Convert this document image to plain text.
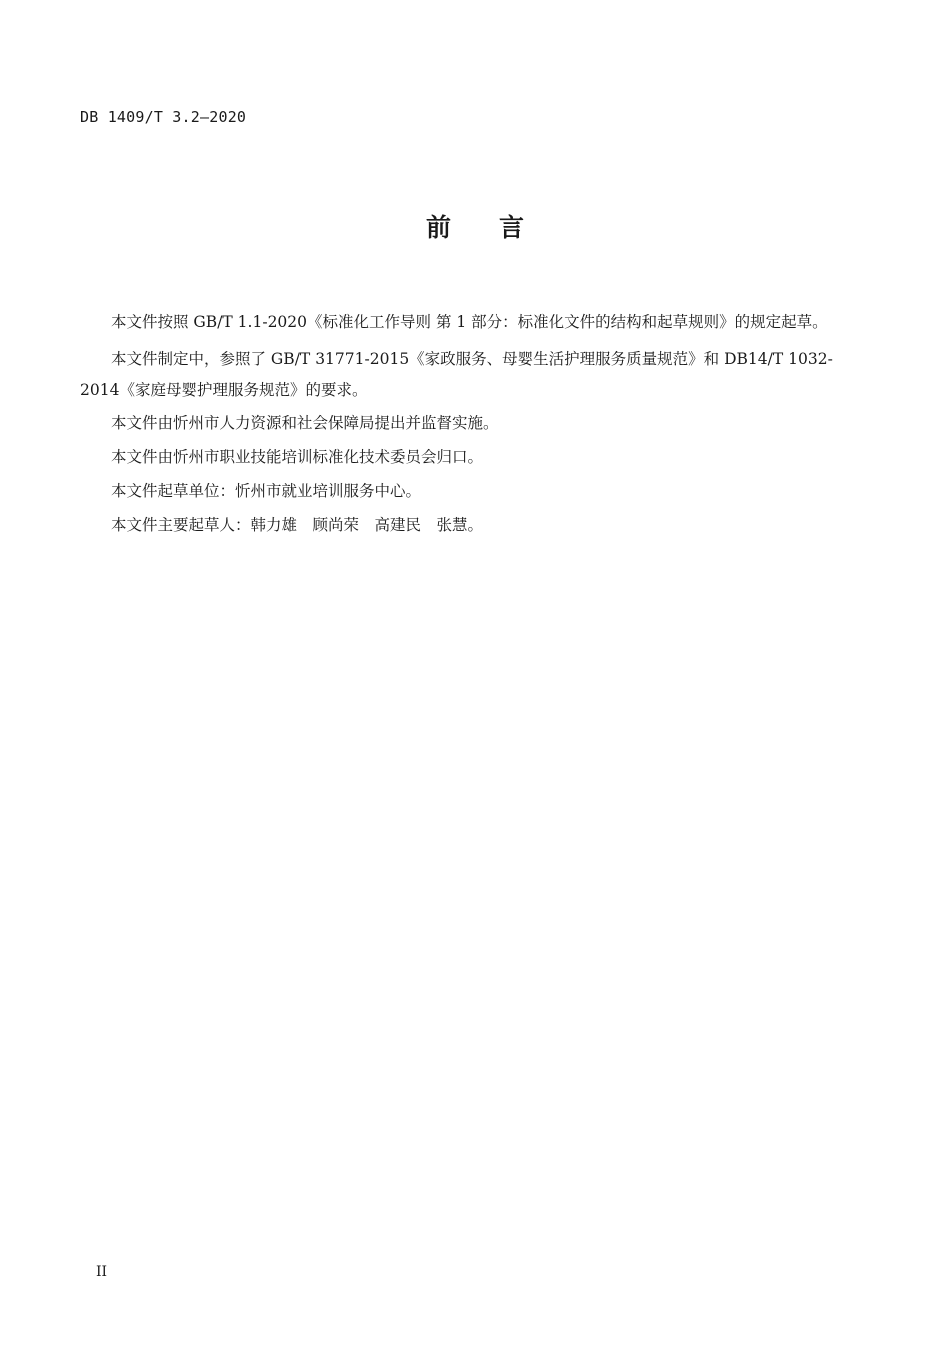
DB 1409/T 3.2—2020
前言

本文件按照 GB/T 1.1-2020《标准化工作导则 第 1 部分：标准化文件的结构和起草规则》的规定起草。

本文件制定中，参照了 GB/T 31771-2015《家政服务、母婴生活护理服务质量规范》和 DB14/T 1032-2014《家庭母婴护理服务规范》的要求。

本文件由忻州市人力资源和社会保障局提出并监督实施。

本文件由忻州市职业技能培训标准化技术委员会归口。

本文件起草单位：忻州市就业培训服务中心。

本文件主要起草人：韩力雄　顾尚荣　高建民　张慧。

II
